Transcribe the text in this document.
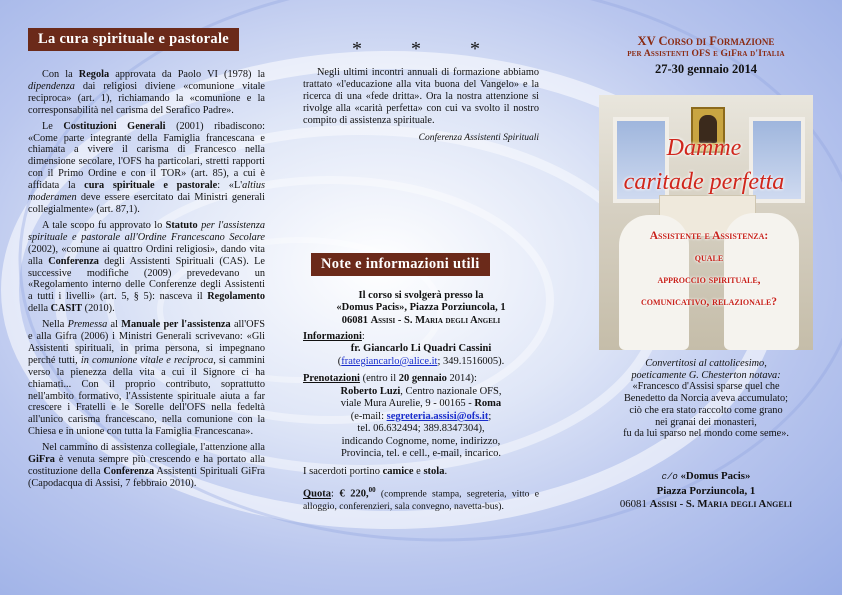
La cura spirituale e pastorale

Con la Regola approvata da Paolo VI (1978) la dipendenza dai religiosi diviene «comunione vitale reciproca» (art. 1), richiamando la «comunione e la corresponsabilità nel carisma del Serafico Padre».

Le Costituzioni Generali (2001) ribadiscono: «Come parte integrante della Famiglia francescana e chiamata a vivere il carisma di Francesco nella dimensione secolare, l'OFS ha particolari, stretti rapporti con il Primo Ordine e con il TOR» (art. 85), a cui è affidata la cura spirituale e pastorale: «L'altius moderamen deve essere esercitato dai Ministri generali collegialmente» (art. 87,1).

A tale scopo fu approvato lo Statuto per l'assistenza spirituale e pastorale all'Ordine Francescano Secolare (2002), «comune ai quattro Ordini religiosi», dando vita alla Conferenza degli Assistenti Spirituali (CAS). Le successive modifiche (2009) prevedevano un «Regolamento interno delle Conferenze degli Assistenti a tutti i livelli» (art. 5, § 5): nasceva il Regolamento della CASIT (2010).

Nella Premessa al Manuale per l'assistenza all'OFS e alla Gifra (2006) i Ministri Generali scrivevano: «Gli Assistenti spirituali, in prima persona, si impegnano perché tutti, in comunione vitale e reciproca, si cammini verso la pienezza della vita a cui il Signore ci ha chiamati... Con il proprio contributo, soprattutto nell'ambito formativo, l'Assistente spirituale aiuta a far crescere i Fratelli e le Sorelle dell'OFS nella fedeltà all'unico carisma francescano, nella comunione con la Chiesa e in unione con tutta la Famiglia Francescana».

Nel cammino di assistenza collegiale, l'attenzione alla GiFra è venuta sempre più crescendo e ha portato alla costituzione della Conferenza Assistenti Spirituali GiFra (Capodacqua di Assisi, 7 febbraio 2010).

* * *

Negli ultimi incontri annuali di formazione abbiamo trattato «l'educazione alla vita buona del Vangelo» e la ricerca di una «fede dritta». Ora la nostra attenzione si rivolge alla «carità perfetta» con cui va svolto il nostro compito di assistenza spirituale.

Conferenza Assistenti Spirituali
Note e informazioni utili
Il corso si svolgerà presso la
«Domus Pacis», Piazza Porziuncola, 1
06081 Assisi - S. Maria degli Angeli
Informazioni:
fr. Giancarlo Li Quadri Cassini
(frategiancarlo@alice.it; 349.1516005).
Prenotazioni (entro il 20 gennaio 2014):
Roberto Luzi, Centro nazionale OFS,
viale Mura Aurelie, 9 - 00165 - Roma
(e-mail: segreteria.assisi@ofs.it;
tel. 06.632494; 389.8347304),
indicando Cognome, nome, indirizzo,
Provincia, tel. e cell., e-mail, incarico.
I sacerdoti portino camice e stola.
Quota: € 220,00 (comprende stampa, segreteria, vitto e alloggio, conferenzieri, sala convegno, navetta-bus).
XV Corso di Formazione
per Assistenti OFS e GiFra d'Italia
27-30 gennaio 2014
Damme
caritade perfetta
Assistente e Assistenza:
quale
approccio spirituale,
comunicativo, relazionale?
Convertitosi al cattolicesimo,
poeticamente G. Chesterton notava:
«Francesco d'Assisi sparse quel che
Benedetto da Norcia aveva accumulato;
ciò che era stato raccolto come grano
nei granai dei monasteri,
fu da lui sparso nel mondo come seme».
c/o «Domus Pacis»
Piazza Porziuncola, 1
06081 Assisi - S. Maria degli Angeli
